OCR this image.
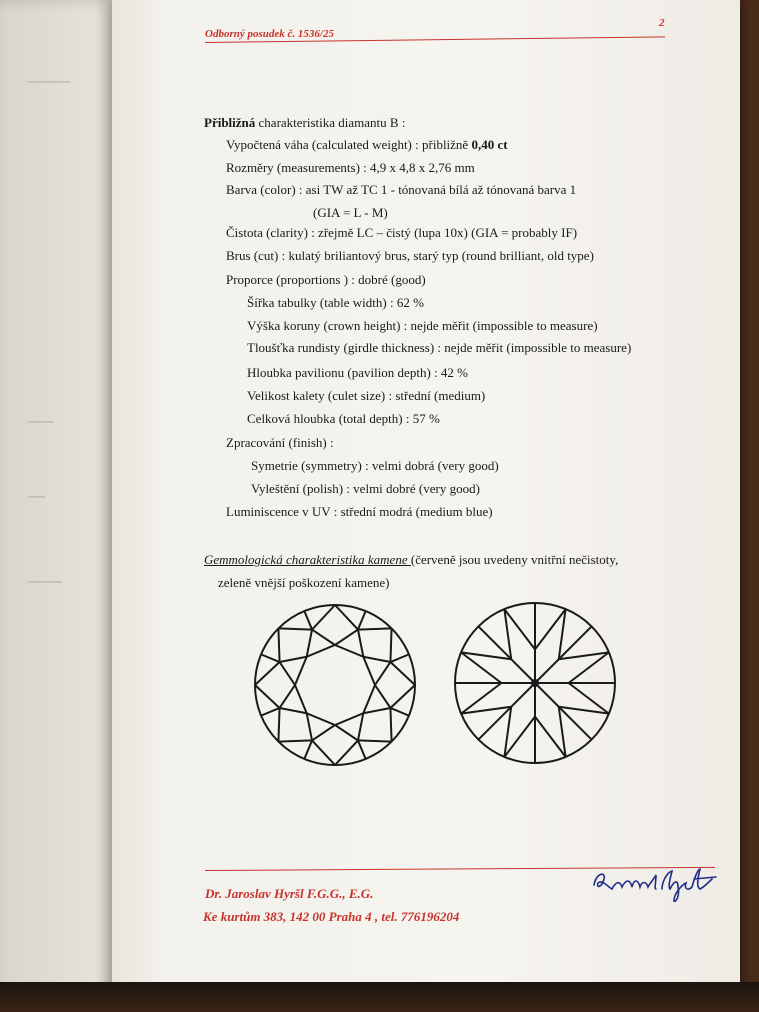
▁▁▁▁▁
▁▁▁
▁▁
▁▁▁▁
Odborný posudek č. 1536/25
2
Přibližná charakteristika diamantu B :
Vypočtená váha (calculated weight) : přibližně 0,40 ct
Rozměry (measurements) : 4,9 x 4,8 x 2,76 mm
Barva (color) : asi TW až TC 1 - tónovaná bílá až tónovaná barva 1
(GIA = L - M)
Čistota (clarity) : zřejmě LC – čistý (lupa 10x) (GIA = probably IF)
Brus (cut) : kulatý briliantový brus, starý typ (round brilliant, old type)
Proporce (proportions ) : dobré (good)
Šířka tabulky (table width) : 62 %
Výška koruny (crown height) : nejde měřit (impossible to measure)
Tloušťka rundisty (girdle thickness) : nejde měřit (impossible to measure)
Hloubka pavilionu (pavilion depth) : 42 %
Velikost kalety (culet size) : střední (medium)
Celková hloubka (total depth) : 57 %
Zpracování (finish) :
Symetrie (symmetry) : velmi dobrá (very good)
Vyleštění (polish) : velmi dobré (very good)
Luminiscence v UV : střední modrá (medium blue)
Gemmologická charakteristika kamene (červeně jsou uvedeny vnitřní nečistoty,
zeleně vnější poškození kamene)
Dr. Jaroslav Hyršl F.G.G., E.G.
Ke kurtům 383, 142 00 Praha 4 , tel. 776196204
